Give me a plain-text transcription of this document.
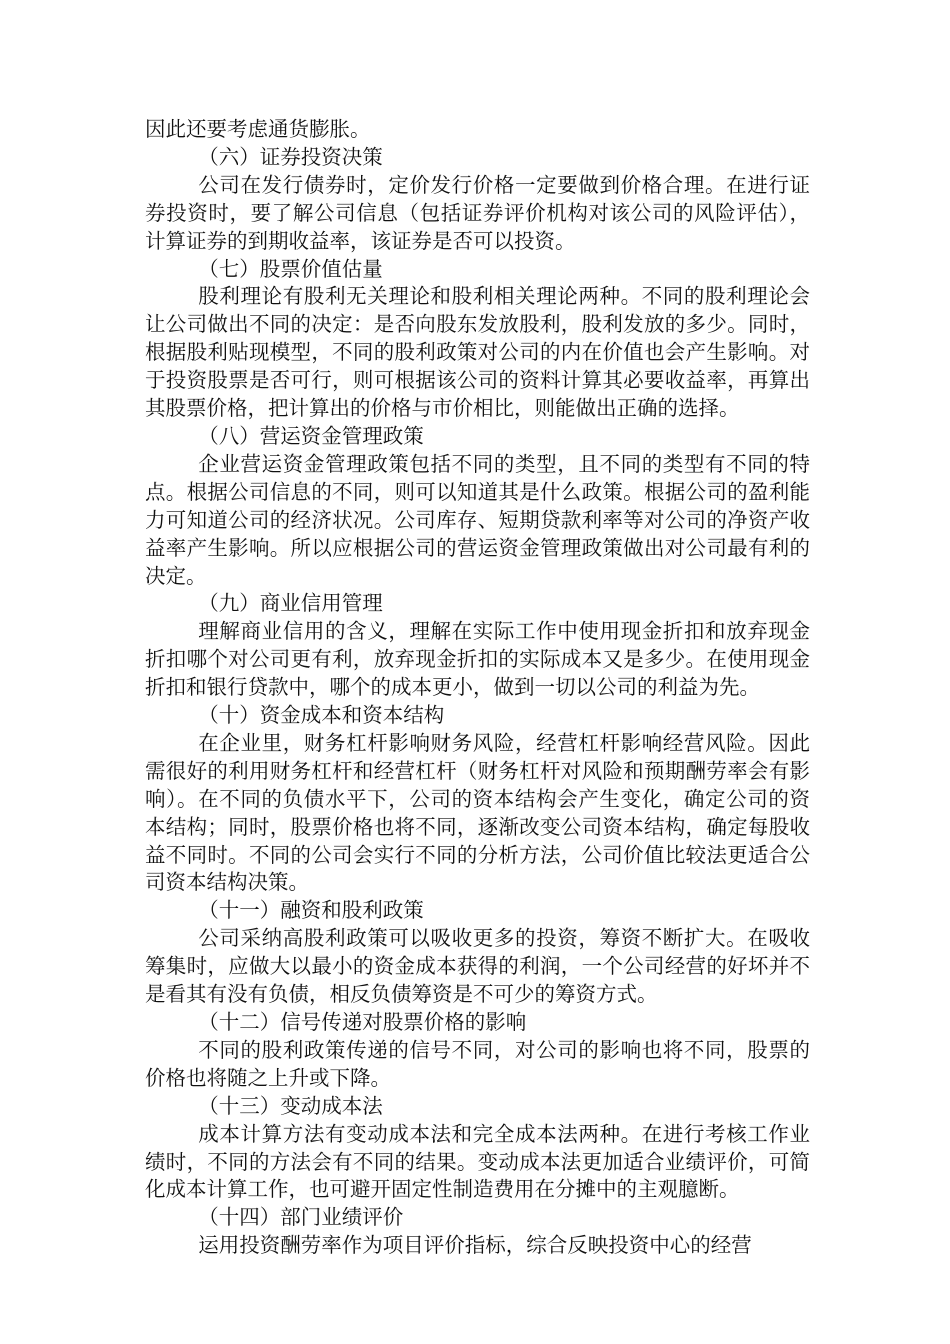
因此还要考虑通货膨胀。

（六）证券投资决策

公司在发行债券时，定价发行价格一定要做到价格合理。在进行证券投资时，要了解公司信息（包括证券评价机构对该公司的风险评估），计算证券的到期收益率，该证券是否可以投资。

（七）股票价值估量

股利理论有股利无关理论和股利相关理论两种。不同的股利理论会让公司做出不同的决定：是否向股东发放股利，股利发放的多少。同时，根据股利贴现模型，不同的股利政策对公司的内在价值也会产生影响。对于投资股票是否可行，则可根据该公司的资料计算其必要收益率，再算出其股票价格，把计算出的价格与市价相比，则能做出正确的选择。

（八）营运资金管理政策

企业营运资金管理政策包括不同的类型，且不同的类型有不同的特点。根据公司信息的不同，则可以知道其是什么政策。根据公司的盈利能力可知道公司的经济状况。公司库存、短期贷款利率等对公司的净资产收益率产生影响。所以应根据公司的营运资金管理政策做出对公司最有利的决定。

（九）商业信用管理

理解商业信用的含义，理解在实际工作中使用现金折扣和放弃现金折扣哪个对公司更有利，放弃现金折扣的实际成本又是多少。在使用现金折扣和银行贷款中，哪个的成本更小，做到一切以公司的利益为先。

（十）资金成本和资本结构

在企业里，财务杠杆影响财务风险，经营杠杆影响经营风险。因此需很好的利用财务杠杆和经营杠杆（财务杠杆对风险和预期酬劳率会有影响）。在不同的负债水平下，公司的资本结构会产生变化，确定公司的资本结构；同时，股票价格也将不同，逐渐改变公司资本结构，确定每股收益不同时。不同的公司会实行不同的分析方法，公司价值比较法更适合公司资本结构决策。

（十一）融资和股利政策

公司采纳高股利政策可以吸收更多的投资，筹资不断扩大。在吸收筹集时，应做大以最小的资金成本获得的利润，一个公司经营的好坏并不是看其有没有负债，相反负债筹资是不可少的筹资方式。

（十二）信号传递对股票价格的影响

不同的股利政策传递的信号不同，对公司的影响也将不同，股票的价格也将随之上升或下降。

（十三）变动成本法

成本计算方法有变动成本法和完全成本法两种。在进行考核工作业绩时，不同的方法会有不同的结果。变动成本法更加适合业绩评价，可简化成本计算工作，也可避开固定性制造费用在分摊中的主观臆断。

（十四）部门业绩评价

运用投资酬劳率作为项目评价指标，综合反映投资中心的经营
